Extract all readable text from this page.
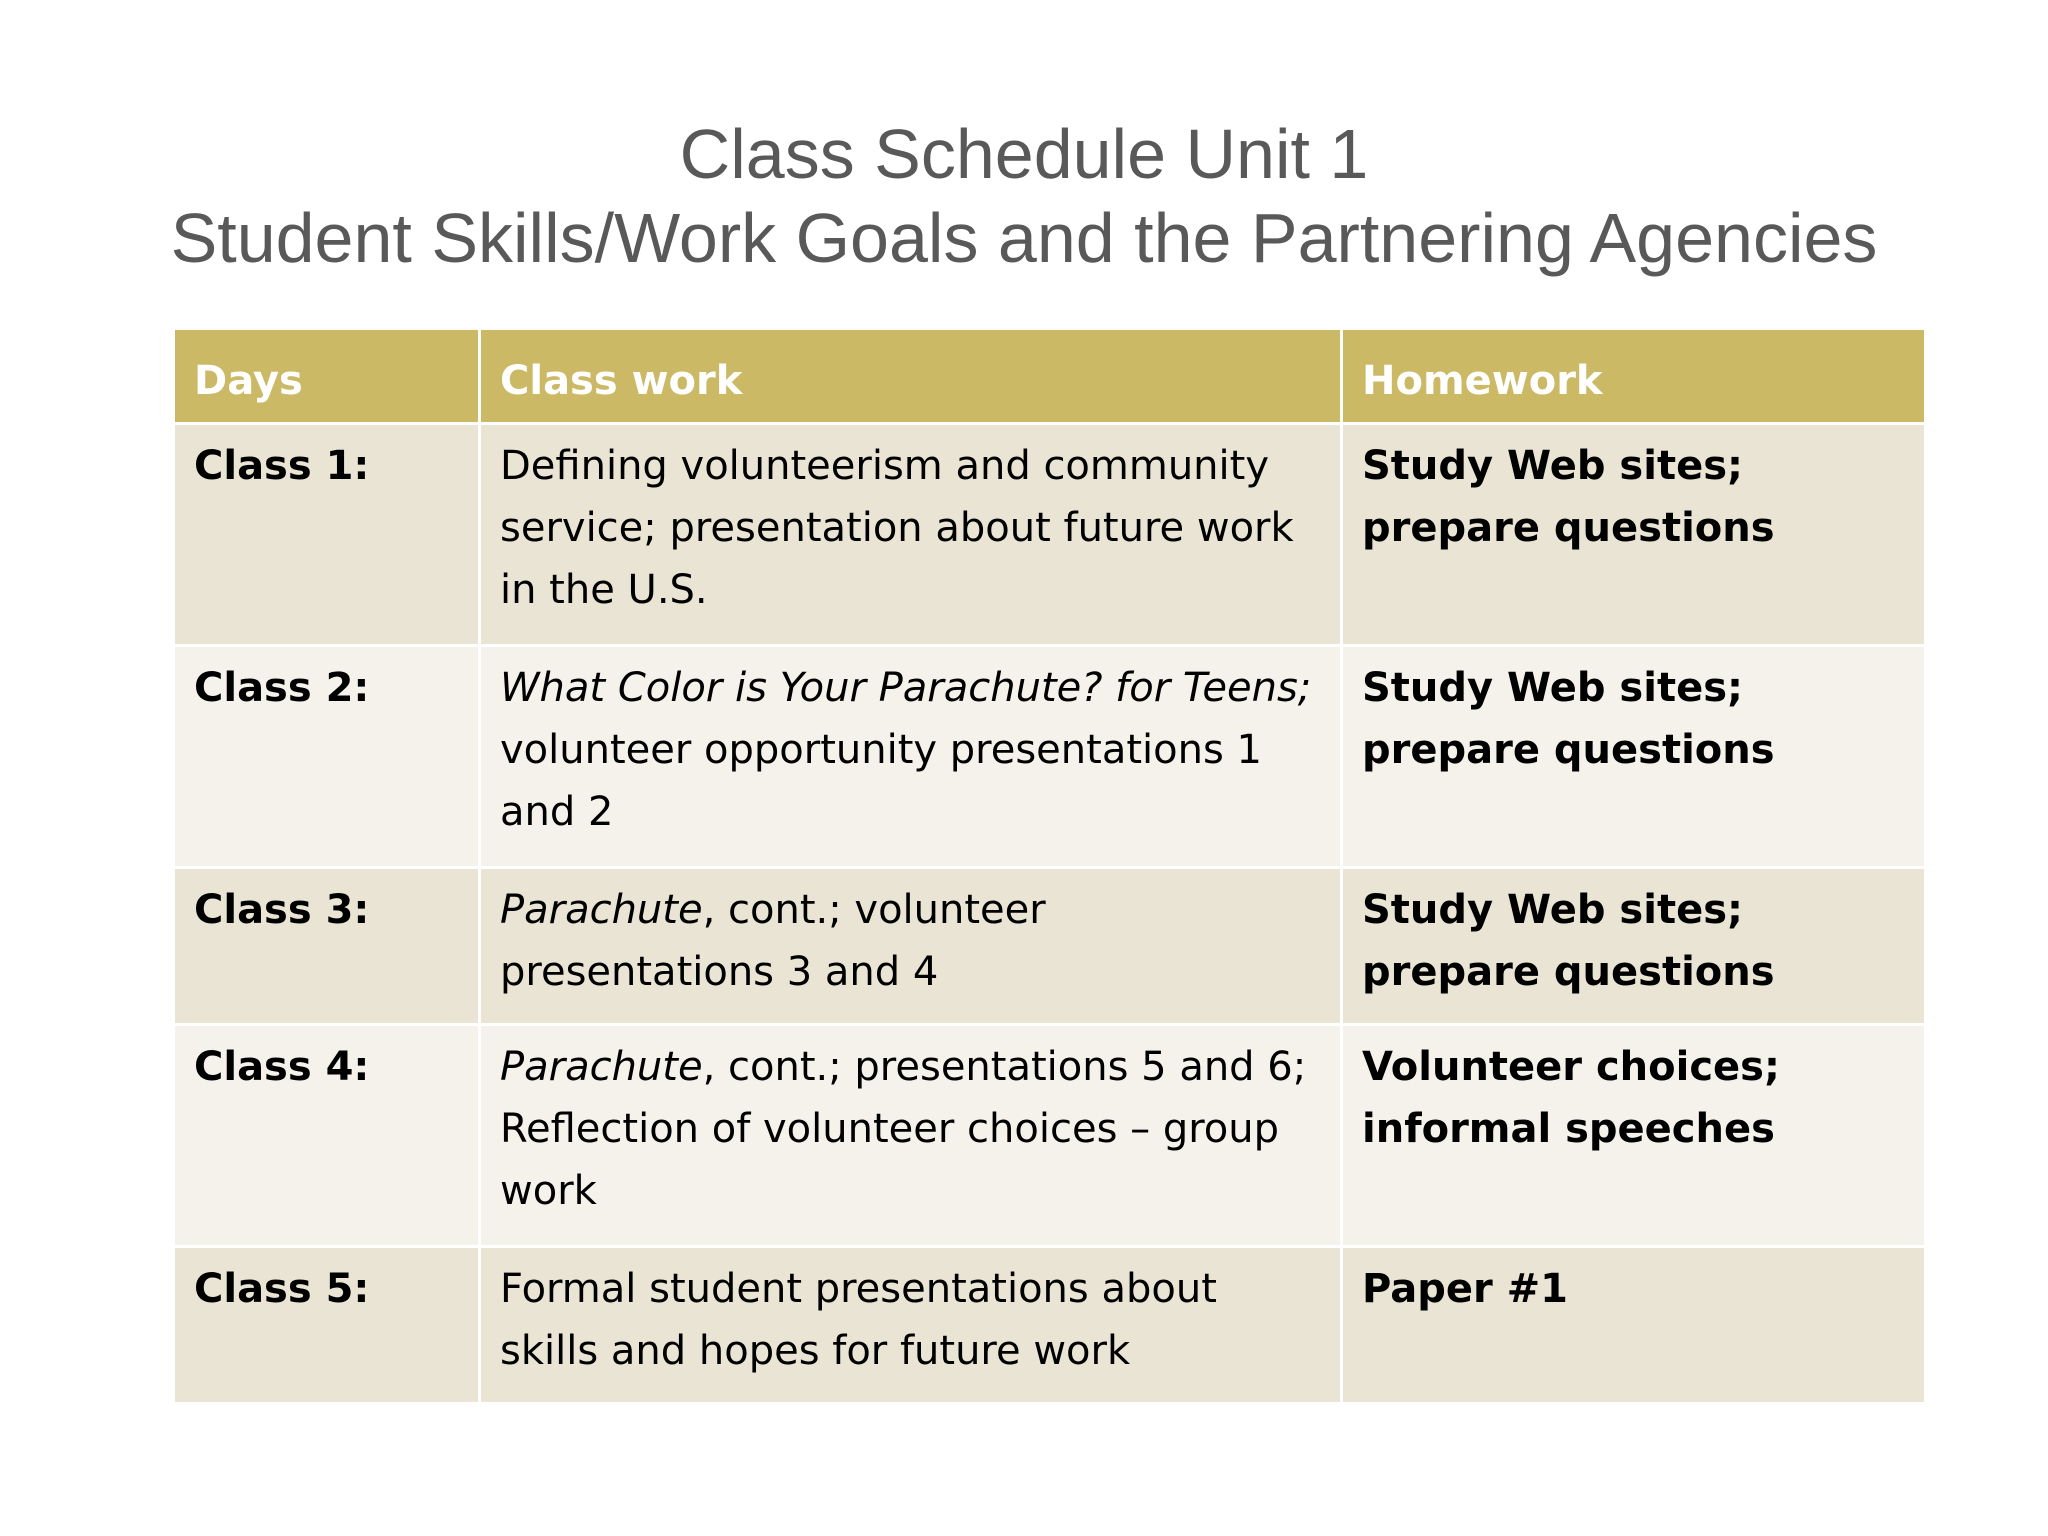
Class Schedule Unit 1
Student Skills/Work Goals and the Partnering Agencies
Days	Class work	Homework
Class 1:	Defining volunteerism and community service; presentation about future work in the U.S.	Study Web sites; prepare questions
Class 2:	What Color is Your Parachute? for Teens; volunteer opportunity presentations 1 and 2	Study Web sites; prepare questions
Class 3:	Parachute, cont.; volunteer presentations 3 and 4	Study Web sites; prepare questions
Class 4:	Parachute, cont.; presentations 5 and 6; Reflection of volunteer choices – group work	Volunteer choices; informal speeches
Class 5:	Formal student presentations about skills and hopes for future work	Paper #1
